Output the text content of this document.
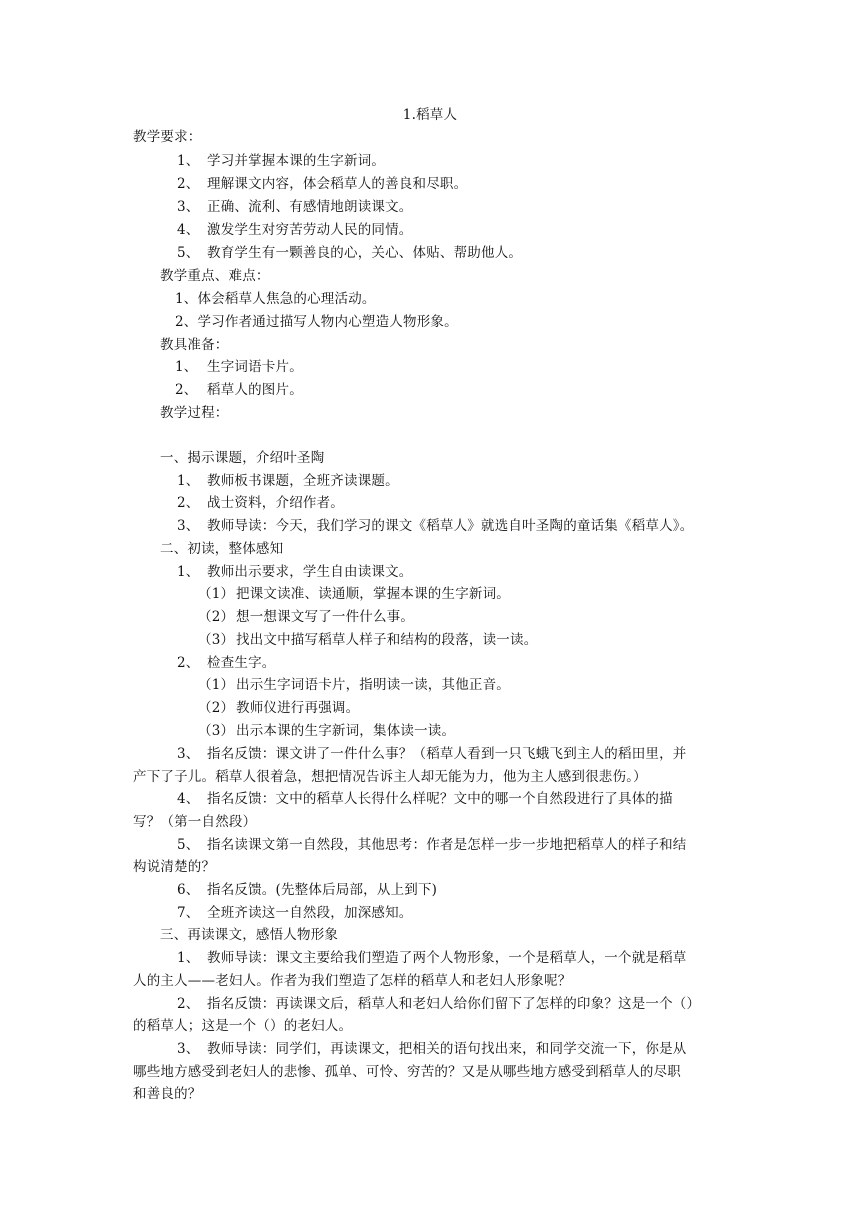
1.稻草人
教学要求：
1、 学习并掌握本课的生字新词。
2、 理解课文内容，体会稻草人的善良和尽职。
3、 正确、流利、有感情地朗读课文。
4、 激发学生对穷苦劳动人民的同情。
5、 教育学生有一颗善良的心，关心、体贴、帮助他人。
教学重点、难点：
1、体会稻草人焦急的心理活动。
2、学习作者通过描写人物内心塑造人物形象。
教具准备：
1、 生字词语卡片。
2、 稻草人的图片。
教学过程：
一、揭示课题，介绍叶圣陶
1、 教师板书课题，全班齐读课题。
2、 战士资料，介绍作者。
3、 教师导读：今天，我们学习的课文《稻草人》就选自叶圣陶的童话集《稻草人》。
二、初读，整体感知
1、 教师出示要求，学生自由读课文。
（1） 把课文读准、读通顺，掌握本课的生字新词。
（2） 想一想课文写了一件什么事。
（3） 找出文中描写稻草人样子和结构的段落，读一读。
2、 检查生字。
（1） 出示生字词语卡片，指明读一读，其他正音。
（2） 教师仪进行再强调。
（3） 出示本课的生字新词，集体读一读。
3、 指名反馈：课文讲了一件什么事？（稻草人看到一只飞蛾飞到主人的稻田里，并
产下了子儿。稻草人很着急，想把情况告诉主人却无能为力，他为主人感到很悲伤。）
4、 指名反馈：文中的稻草人长得什么样呢？文中的哪一个自然段进行了具体的描
写？（第一自然段）
5、 指名读课文第一自然段，其他思考：作者是怎样一步一步地把稻草人的样子和结
构说清楚的？
6、 指名反馈。(先整体后局部，从上到下)
7、 全班齐读这一自然段，加深感知。
三、再读课文，感悟人物形象
1、 教师导读：课文主要给我们塑造了两个人物形象，一个是稻草人，一个就是稻草
人的主人——老妇人。作者为我们塑造了怎样的稻草人和老妇人形象呢？
2、 指名反馈：再读课文后，稻草人和老妇人给你们留下了怎样的印象？这是一个（）
的稻草人；这是一个（）的老妇人。
3、 教师导读：同学们，再读课文，把相关的语句找出来，和同学交流一下，你是从
哪些地方感受到老妇人的悲惨、孤单、可怜、穷苦的？又是从哪些地方感受到稻草人的尽职
和善良的？
